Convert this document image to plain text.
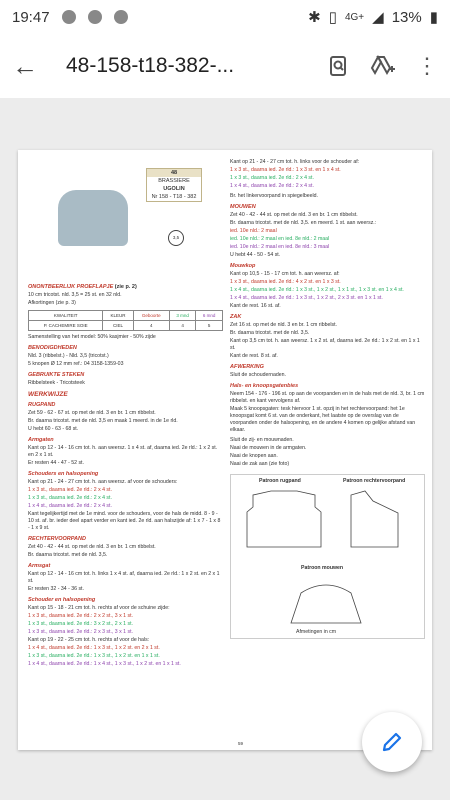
19:47	✱ ▯ 4G+ ◢ 13% ▮
← 48-158-t18-382-...	⋮
48
BRASSIERE UGOLIN
Nr 158 - T18 - 382
3,5
ONONTBEERLIJK PROEFLAPJE (zie p. 2)

10 cm tricotst. nld. 3,5 = 25 st. en 32 nld.

Afkortingen (zie p. 3)

KWALITEIT	KLEUR	Geboorte	3 mnd	6 mnd
P. CACHEMIRE SOIE	CIEL	4	4	5

Samenstelling van het model: 50% kasjmier - 50% zijde

BENODIGDHEDEN

Nld. 3 (ribbelst.) - Nld. 3,5 (tricotst.)

5 knopen Ø 12 mm ref.: 04 3158-1359-03

GEBRUIKTE STEKEN

Ribbelsteek - Tricotsteek

WERKWIJZE
RUGPAND

Zet 59 - 62 - 67 st. op met de nld. 3 en br. 1 cm ribbelst.

Br. daarna tricotst. met de nld. 3,5 en maak 1 meerd. in de 1e rld.

U hebt 60 - 63 - 68 st.

Armgaten

Kant op 12 - 14 - 16 cm tot. h. aan weersz. 1 x 4 st. af, daarna ied. 2e rld.: 1 x 2 st. en 2 x 1 st.

Er resten 44 - 47 - 52 st.

Schouders en halsopening

Kant op 21 - 24 - 27 cm tot. h. aan weersz. af voor de schouders:

1 x 3 st., daarna ied. 2e rld.: 2 x 4 st.

1 x 3 st., daarna ied. 2e rld.: 2 x 4 st.

1 x 4 st., daarna ied. 2e rld.: 2 x 4 st.

Kant tegelijkertijd met de 1e mind. voor de schouders, voor de hals de midd. 8 - 9 - 10 st. af. br. ieder deel apart verder en kant ied. 2e rld. aan halszijde af: 1 x 7 - 1 x 8 - 1 x 9 st.

RECHTERVOORPAND

Zet 40 - 42 - 44 st. op met de nld. 3 en br. 1 cm ribbelst.

Br. daarna tricotst. met de nld. 3,5.

Armsgat

Kant op 12 - 14 - 16 cm tot. h. links 1 x 4 st. af, daarna ied. 2e rld.: 1 x 2 st. en 2 x 1 st.

Er resten 32 - 34 - 36 st.

Schouder en halsopening

Kant op 15 - 18 - 21 cm tot. h. rechts af voor de schuine zijde:

1 x 3 st., daarna ied. 2e rld.: 2 x 2 st., 3 x 1 st.

1 x 3 st., daarna ied. 2e rld.: 3 x 2 st., 2 x 1 st.

1 x 3 st., daarna ied. 2e rld.: 2 x 3 st., 3 x 1 st.

Kant op 19 - 22 - 25 cm tot. h. rechts af voor de hals:

1 x 4 st., daarna ied. 2e rld.: 1 x 3 st., 1 x 2 st. en 2 x 1 st.

1 x 3 st., daarna ied. 2e rld.: 1 x 3 st., 1 x 2 st. en 1 x 1 st.

1 x 4 st., daarna ied. 2e rld.: 1 x 4 st., 1 x 3 st., 1 x 2 st. en 1 x 1 st.

Kant op 21 - 24 - 27 cm tot. h. links voor de schouder af:

1 x 3 st., daarna ied. 2e rld.: 1 x 3 st. en 1 x 4 st.

1 x 3 st., daarna ied. 2e rld.: 2 x 4 st.

1 x 4 st., daarna ied. 2e rld.: 2 x 4 st.

Br. het linkervoorpand in spiegelbeeld.

MOUWEN

Zet 40 - 42 - 44 st. op met de nld. 3 en br. 1 cm ribbelst.

Br. daarna tricotst. met de nld. 3,5. en meerd. 1 st. aan weersz.:

ied. 10e nld.: 2 maal

ied. 10e nld.: 2 maal en ied. 8e nld.: 2 maal

ied. 10e nld.: 2 maal en ied. 8e nld.: 3 maal

U hebt 44 - 50 - 54 st.

Mouwkop

Kant op 10,5 - 15 - 17 cm tot. h. aan weersz. af:

1 x 3 st., daarna ied. 2e rld.: 4 x 2 st. en 1 x 3 st.

1 x 4 st., daarna ied. 2e rld.: 1 x 3 st., 1 x 2 st., 1 x 1 st., 1 x 3 st. en 1 x 4 st.

1 x 4 st., daarna ied. 2e rld.: 1 x 3 st., 1 x 2 st., 2 x 3 st. en 1 x 1 st.

Kant de rest. 16 st. af.

ZAK

Zet 16 st. op met de nld. 3 en br. 1 cm ribbelst.

Br. daarna tricotst. met de nld. 3,5.

Kant op 3,5 cm tot. h. aan weersz. 1 x 2 st. af, daarna ied. 2e rld.: 1 x 2 st. en 1 x 1 st.

Kant de rest. 8 st. af.

AFWERKING

Sluit de schoudernaden.

Hals- en knoopsgatenbies

Neem 154 - 176 - 196 st. op aan de voorpanden en in de hals met de nld. 3, br. 1 cm ribbelst. en kant vervolgens af.

Maak 5 knoopsgaten: tesk hiervoor 1 st. opzij in het rechtervoorpand: het 1e knoopsgat komt 6 st. van de onderkant, het laatste op de overslag van de voorpanden onder de halsopening, en de andere 4 komen op gelijke afstand van elkaar.

Sluit de zij- en mouwnaden.

Naai de mouwen in de armgaten.

Naai de knopen aan.

Naai de zak aan (zie foto)

Patroon rugpand	Patroon rechtervoorpand
Patroon mouwen
Afmetingen in cm
59
